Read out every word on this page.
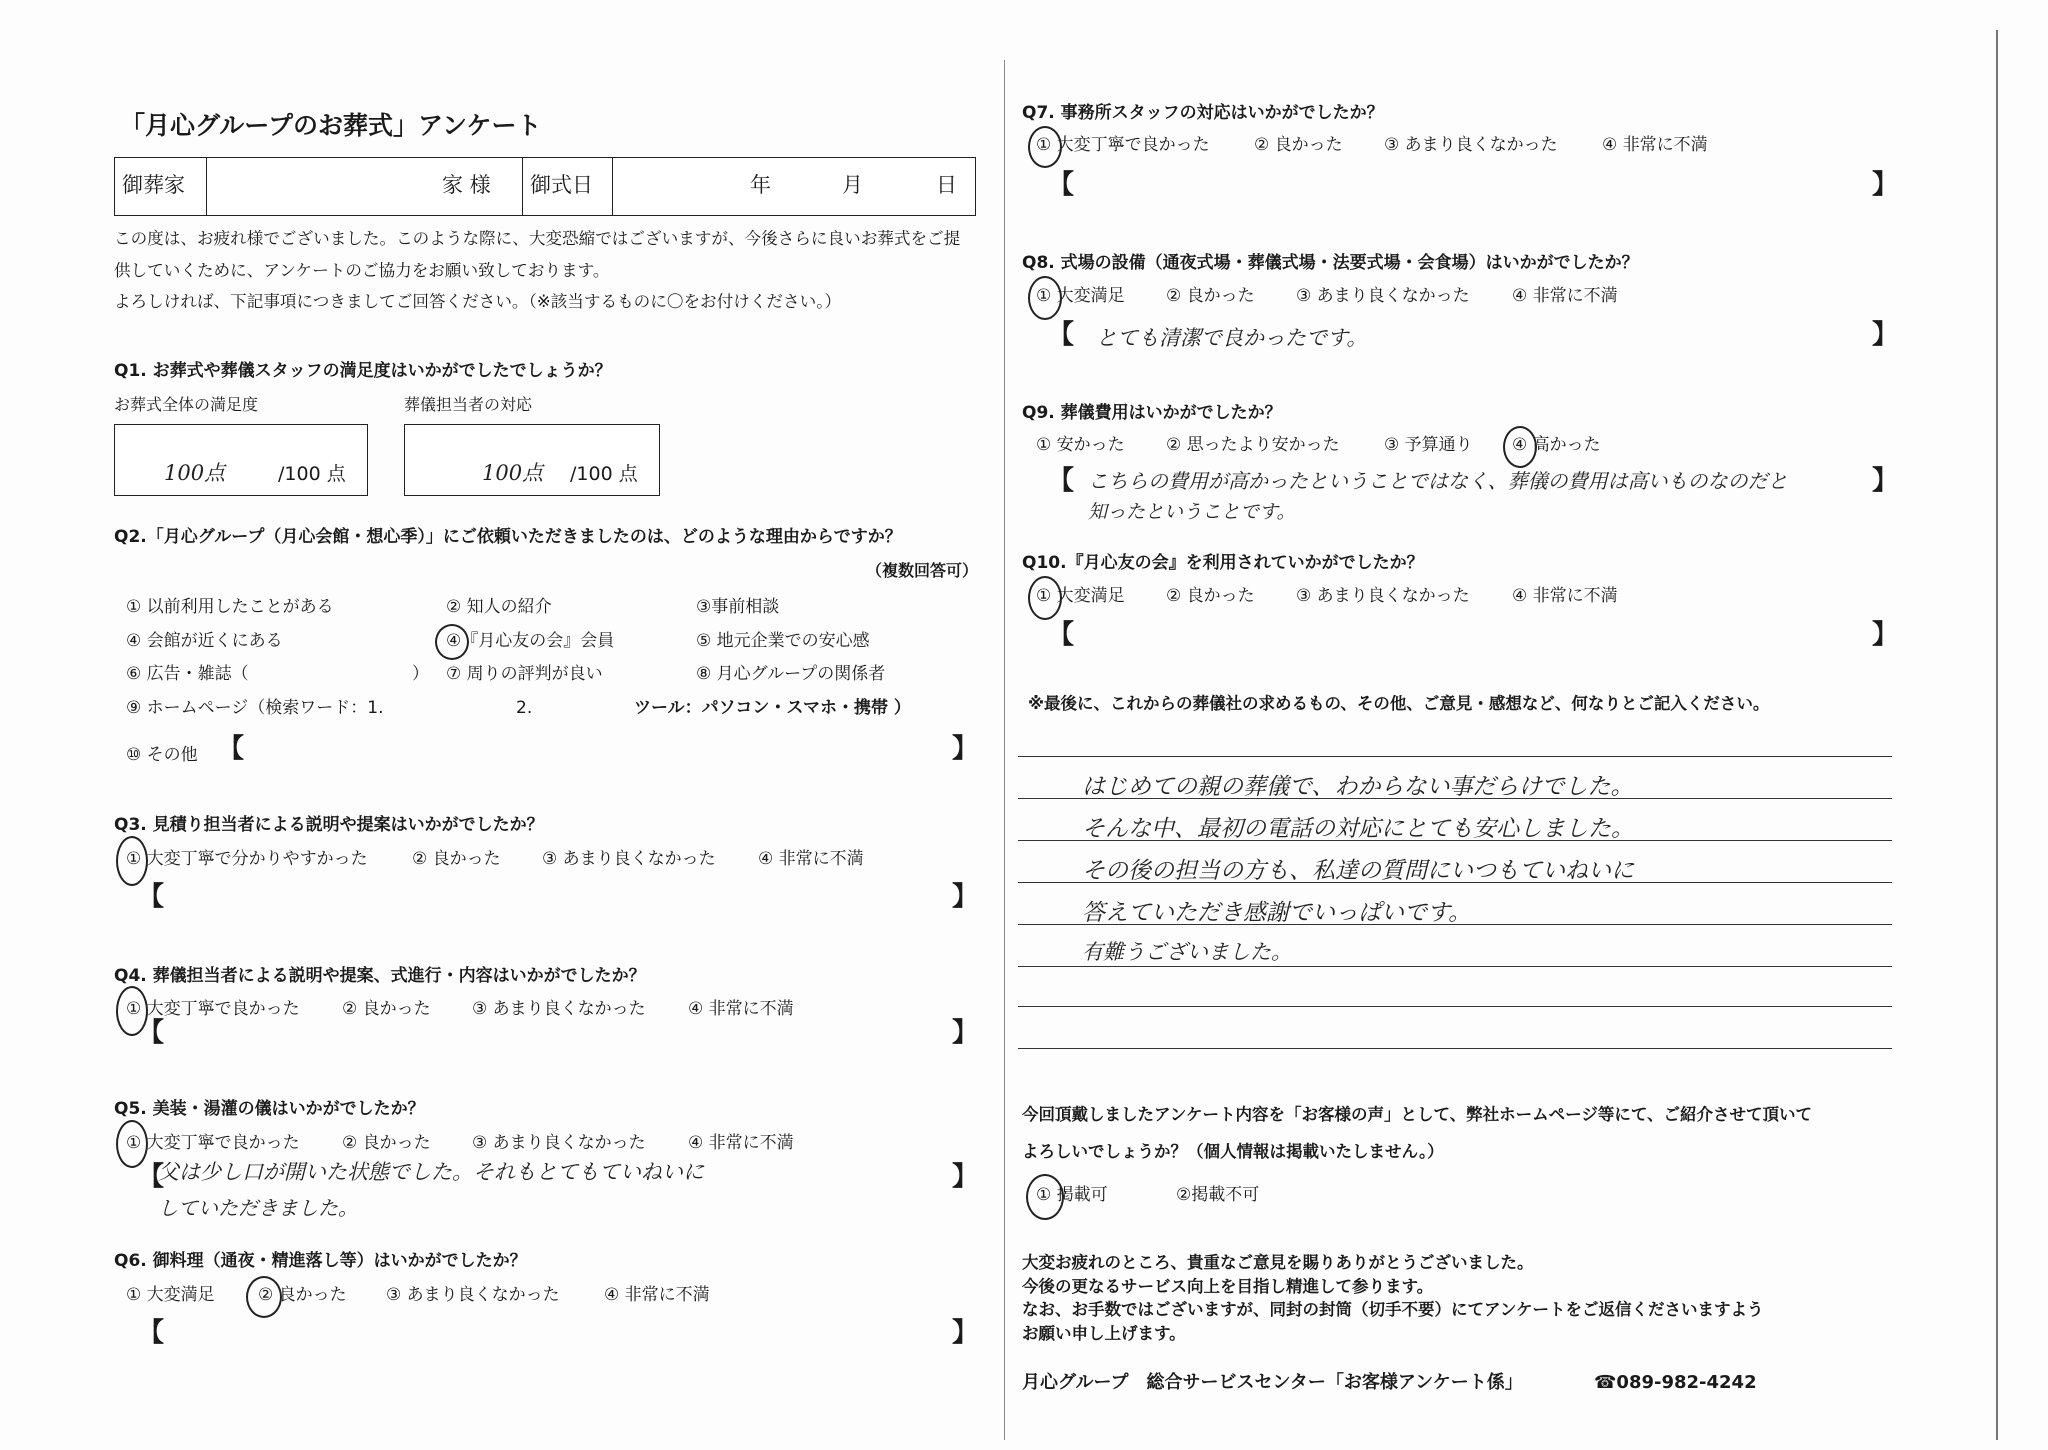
「月心グループのお葬式」アンケート
御葬家	家 様 御式日	年	月	日
この度は、お疲れ様でございました。このような際に、大変恐縮ではございますが、今後さらに良いお葬式をご提
供していくために、アンケートのご協力をお願い致しております。
よろしければ、下記事項につきましてご回答ください。（※該当するものに〇をお付けください。）
Q1. お葬式や葬儀スタッフの満足度はいかがでしたでしょうか？
お葬式全体の満足度	葬儀担当者の対応
100点	/100 点	100点 /100 点
Q2.「月心グループ（月心会館・想心季）」にご依頼いただきましたのは、どのような理由からですか？
（複数回答可）
① 以前利用したことがある	② 知人の紹介	③事前相談
④ 会館が近くにある	④『月心友の会』会員	⑤ 地元企業での安心感
⑥ 広告・雑誌（	） ⑦ 周りの評判が良い	⑧ 月心グループの関係者
⑨ ホームページ（検索ワード：1.	2.	ツール：パソコン・スマホ・携帯 ）
⑩ その他 【	】
Q3. 見積り担当者による説明や提案はいかがでしたか？
① 大変丁寧で分かりやすかった	② 良かった ③ あまり良くなかった ④ 非常に不満
【	】
Q4. 葬儀担当者による説明や提案、式進行・内容はいかがでしたか？
① 大変丁寧で良かった ② 良かった ③ あまり良くなかった ④ 非常に不満
【	】
Q5. 美装・湯灌の儀はいかがでしたか？
① 大変丁寧で良かった ② 良かった ③ あまり良くなかった ④ 非常に不満
【	】
父は少し口が開いた状態でした。それもとてもていねいに
していただきました。
Q6. 御料理（通夜・精進落し等）はいかがでしたか？
① 大変満足	② 良かった ③ あまり良くなかった	④ 非常に不満
【	】
Q7. 事務所スタッフの対応はいかがでしたか？
① 大変丁寧で良かった	② 良かった ③ あまり良くなかった	④ 非常に不満
【	】
Q8. 式場の設備（通夜式場・葬儀式場・法要式場・会食場）はいかがでしたか？
① 大変満足 ② 良かった ③ あまり良くなかった ④ 非常に不満
【	】
とても清潔で良かったです。
Q9. 葬儀費用はいかがでしたか？
① 安かった ② 思ったより安かった	③ 予算通り ④ 高かった
【	】
こちらの費用が高かったということではなく、葬儀の費用は高いものなのだと
知ったということです。
Q10.『月心友の会』を利用されていかがでしたか？
① 大変満足 ② 良かった ③ あまり良くなかった ④ 非常に不満
【	】
※最後に、これからの葬儀社の求めるもの、その他、ご意見・感想など、何なりとご記入ください。
はじめての親の葬儀で、わからない事だらけでした。
そんな中、最初の電話の対応にとても安心しました。
その後の担当の方も、私達の質問にいつもていねいに
答えていただき感謝でいっぱいです。
有難うございました。
今回頂戴しましたアンケート内容を「お客様の声」として、弊社ホームページ等にて、ご紹介させて頂いて
よろしいでしょうか？（個人情報は掲載いたしません。）
① 掲載可	②掲載不可
大変お疲れのところ、貴重なご意見を賜りありがとうございました。
今後の更なるサービス向上を目指し精進して参ります。
なお、お手数ではございますが、同封の封筒（切手不要）にてアンケートをご返信くださいますよう
お願い申し上げます。
月心グループ　総合サービスセンター「お客様アンケート係」	☎089-982-4242
